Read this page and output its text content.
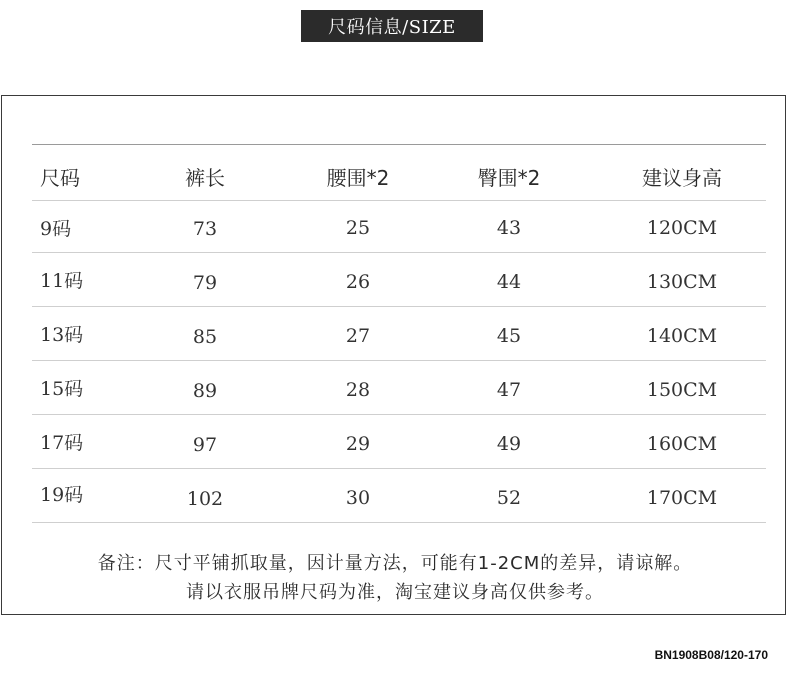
尺码信息/SIZE
尺码	裤长	腰围*2	臀围*2	建议身高
9码	73	25	43	120CM
11码	79	26	44	130CM
13码	85	27	45	140CM
15码	89	28	47	150CM
17码	97	29	49	160CM
19码	102	30	52	170CM
备注：尺寸平铺抓取量，因计量方法，可能有1-2CM的差异，请谅解。
请以衣服吊牌尺码为准，淘宝建议身高仅供参考。
BN1908B08/120-170
